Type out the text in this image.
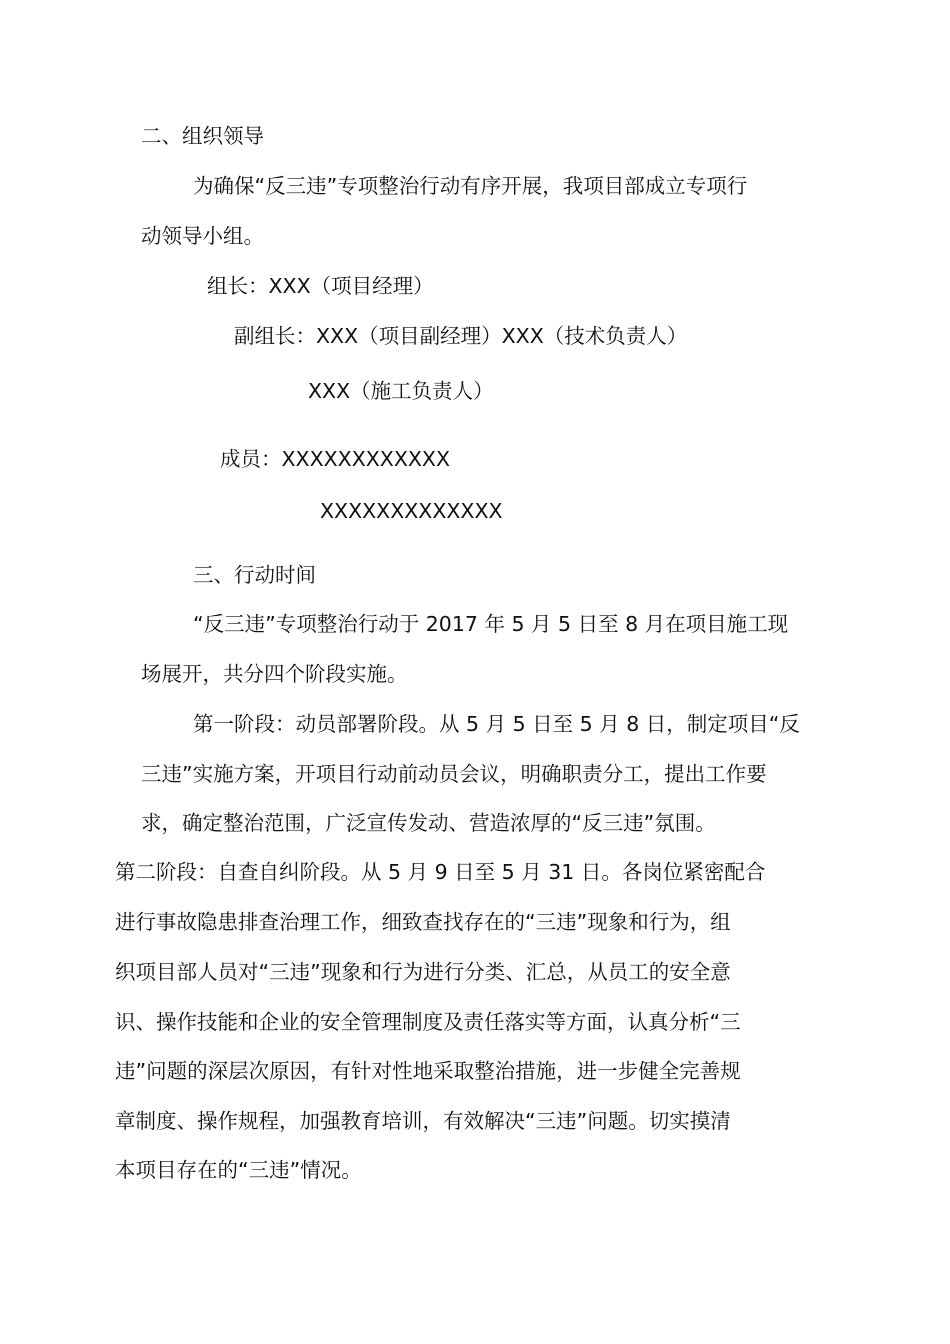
二、组织领导
为确保“反三违”专项整治行动有序开展，我项目部成立专项行
动领导小组。
组长：XXX（项目经理）
副组长：XXX（项目副经理）XXX（技术负责人）
XXX（施工负责人）
成员：XXXXXXXXXXXX
XXXXXXXXXXXXX
三、行动时间
“反三违”专项整治行动于 2017 年 5 月 5 日至 8 月在项目施工现
场展开，共分四个阶段实施。
第一阶段：动员部署阶段。从 5 月 5 日至 5 月 8 日，制定项目“反
三违”实施方案，开项目行动前动员会议，明确职责分工，提出工作要
求，确定整治范围，广泛宣传发动、营造浓厚的“反三违”氛围。
第二阶段：自查自纠阶段。从 5 月 9 日至 5 月 31 日。各岗位紧密配合
进行事故隐患排查治理工作，细致查找存在的“三违”现象和行为，组
织项目部人员对“三违”现象和行为进行分类、汇总，从员工的安全意
识、操作技能和企业的安全管理制度及责任落实等方面，认真分析“三
违”问题的深层次原因，有针对性地采取整治措施，进一步健全完善规
章制度、操作规程，加强教育培训，有效解决“三违”问题。切实摸清
本项目存在的“三违”情况。
